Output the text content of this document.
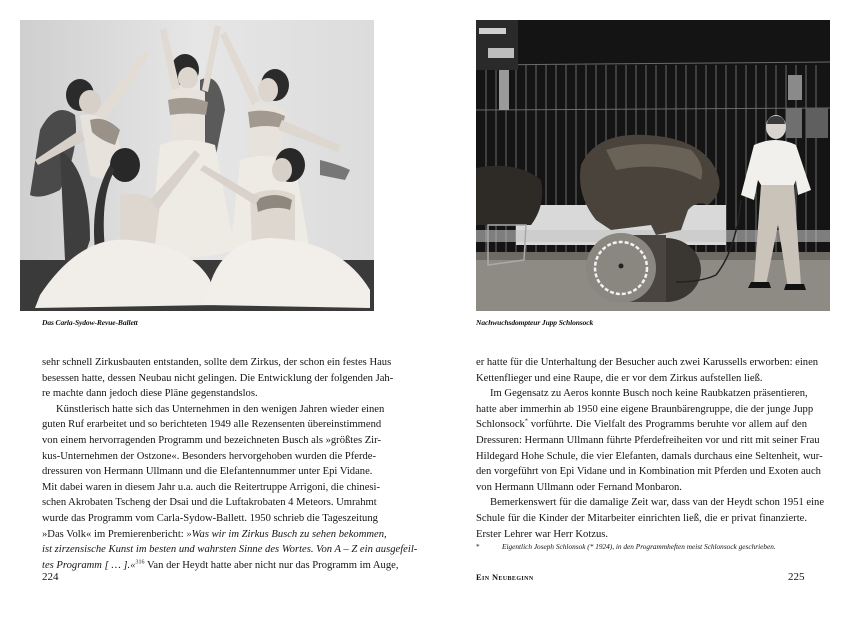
Das Carla-Sydow-Revue-Ballett
sehr schnell Zirkusbauten entstanden, sollte dem Zirkus, der schon ein festes Haus
besessen hatte, dessen Neubau nicht gelingen. Die Entwicklung der folgenden Jah-
re machte dann jedoch diese Pläne gegenstandslos.
Künstlerisch hatte sich das Unternehmen in den wenigen Jahren wieder einen
guten Ruf erarbeitet und so berichteten 1949 alle Rezensenten übereinstimmend
von einem hervorragenden Programm und bezeichneten Busch als »größtes Zir-
kus-Unternehmen der Ostzone«. Besonders hervorgehoben wurden die Pferde-
dressuren von Hermann Ullmann und die Elefantennummer unter Epi Vidane.
Mit dabei waren in diesem Jahr u.a. auch die Reitertruppe Arrigoni, die chinesi-
schen Akrobaten Tscheng der Dsai und die Luftakrobaten 4 Meteors. Umrahmt
wurde das Programm vom Carla-Sydow-Ballett. 1950 schrieb die Tageszeitung
»Das Volk« im Premierenbericht: »Was wir im Zirkus Busch zu sehen bekommen,
ist zirzensische Kunst im besten und wahrsten Sinne des Wortes. Von A – Z ein ausgefeil-
tes Programm [ … ].«$^{316}$ Van der Heydt hatte aber nicht nur das Programm im Auge,
224
Nachwuchsdompteur Jupp Schlonsock
er hatte für die Unterhaltung der Besucher auch zwei Karussells erworben: einen
Kettenflieger und eine Raupe, die er vor dem Zirkus aufstellen ließ.
Im Gegensatz zu Aeros konnte Busch noch keine Raubkatzen präsentieren,
hatte aber immerhin ab 1950 eine eigene Braunbärengruppe, die der junge Jupp
Schlonsock* vorführte. Die Vielfalt des Programms beruhte vor allem auf den
Dressuren: Hermann Ullmann führte Pferdefreiheiten vor und ritt mit seiner Frau
Hildegard Hohe Schule, die vier Elefanten, damals durchaus eine Seltenheit, wur-
den vorgeführt von Epi Vidane und in Kombination mit Pferden und Exoten auch
von Hermann Ullmann oder Fernand Monbaron.
Bemerkenswert für die damalige Zeit war, dass van der Heydt schon 1951 eine
Schule für die Kinder der Mitarbeiter einrichten ließ, die er privat finanzierte.
Erster Lehrer war Herr Kotzus.
*	Eigentlich Joseph Schlonsok (* 1924), in den Programmheften meist Schlonsock geschrieben.
Ein Neubeginn	225
